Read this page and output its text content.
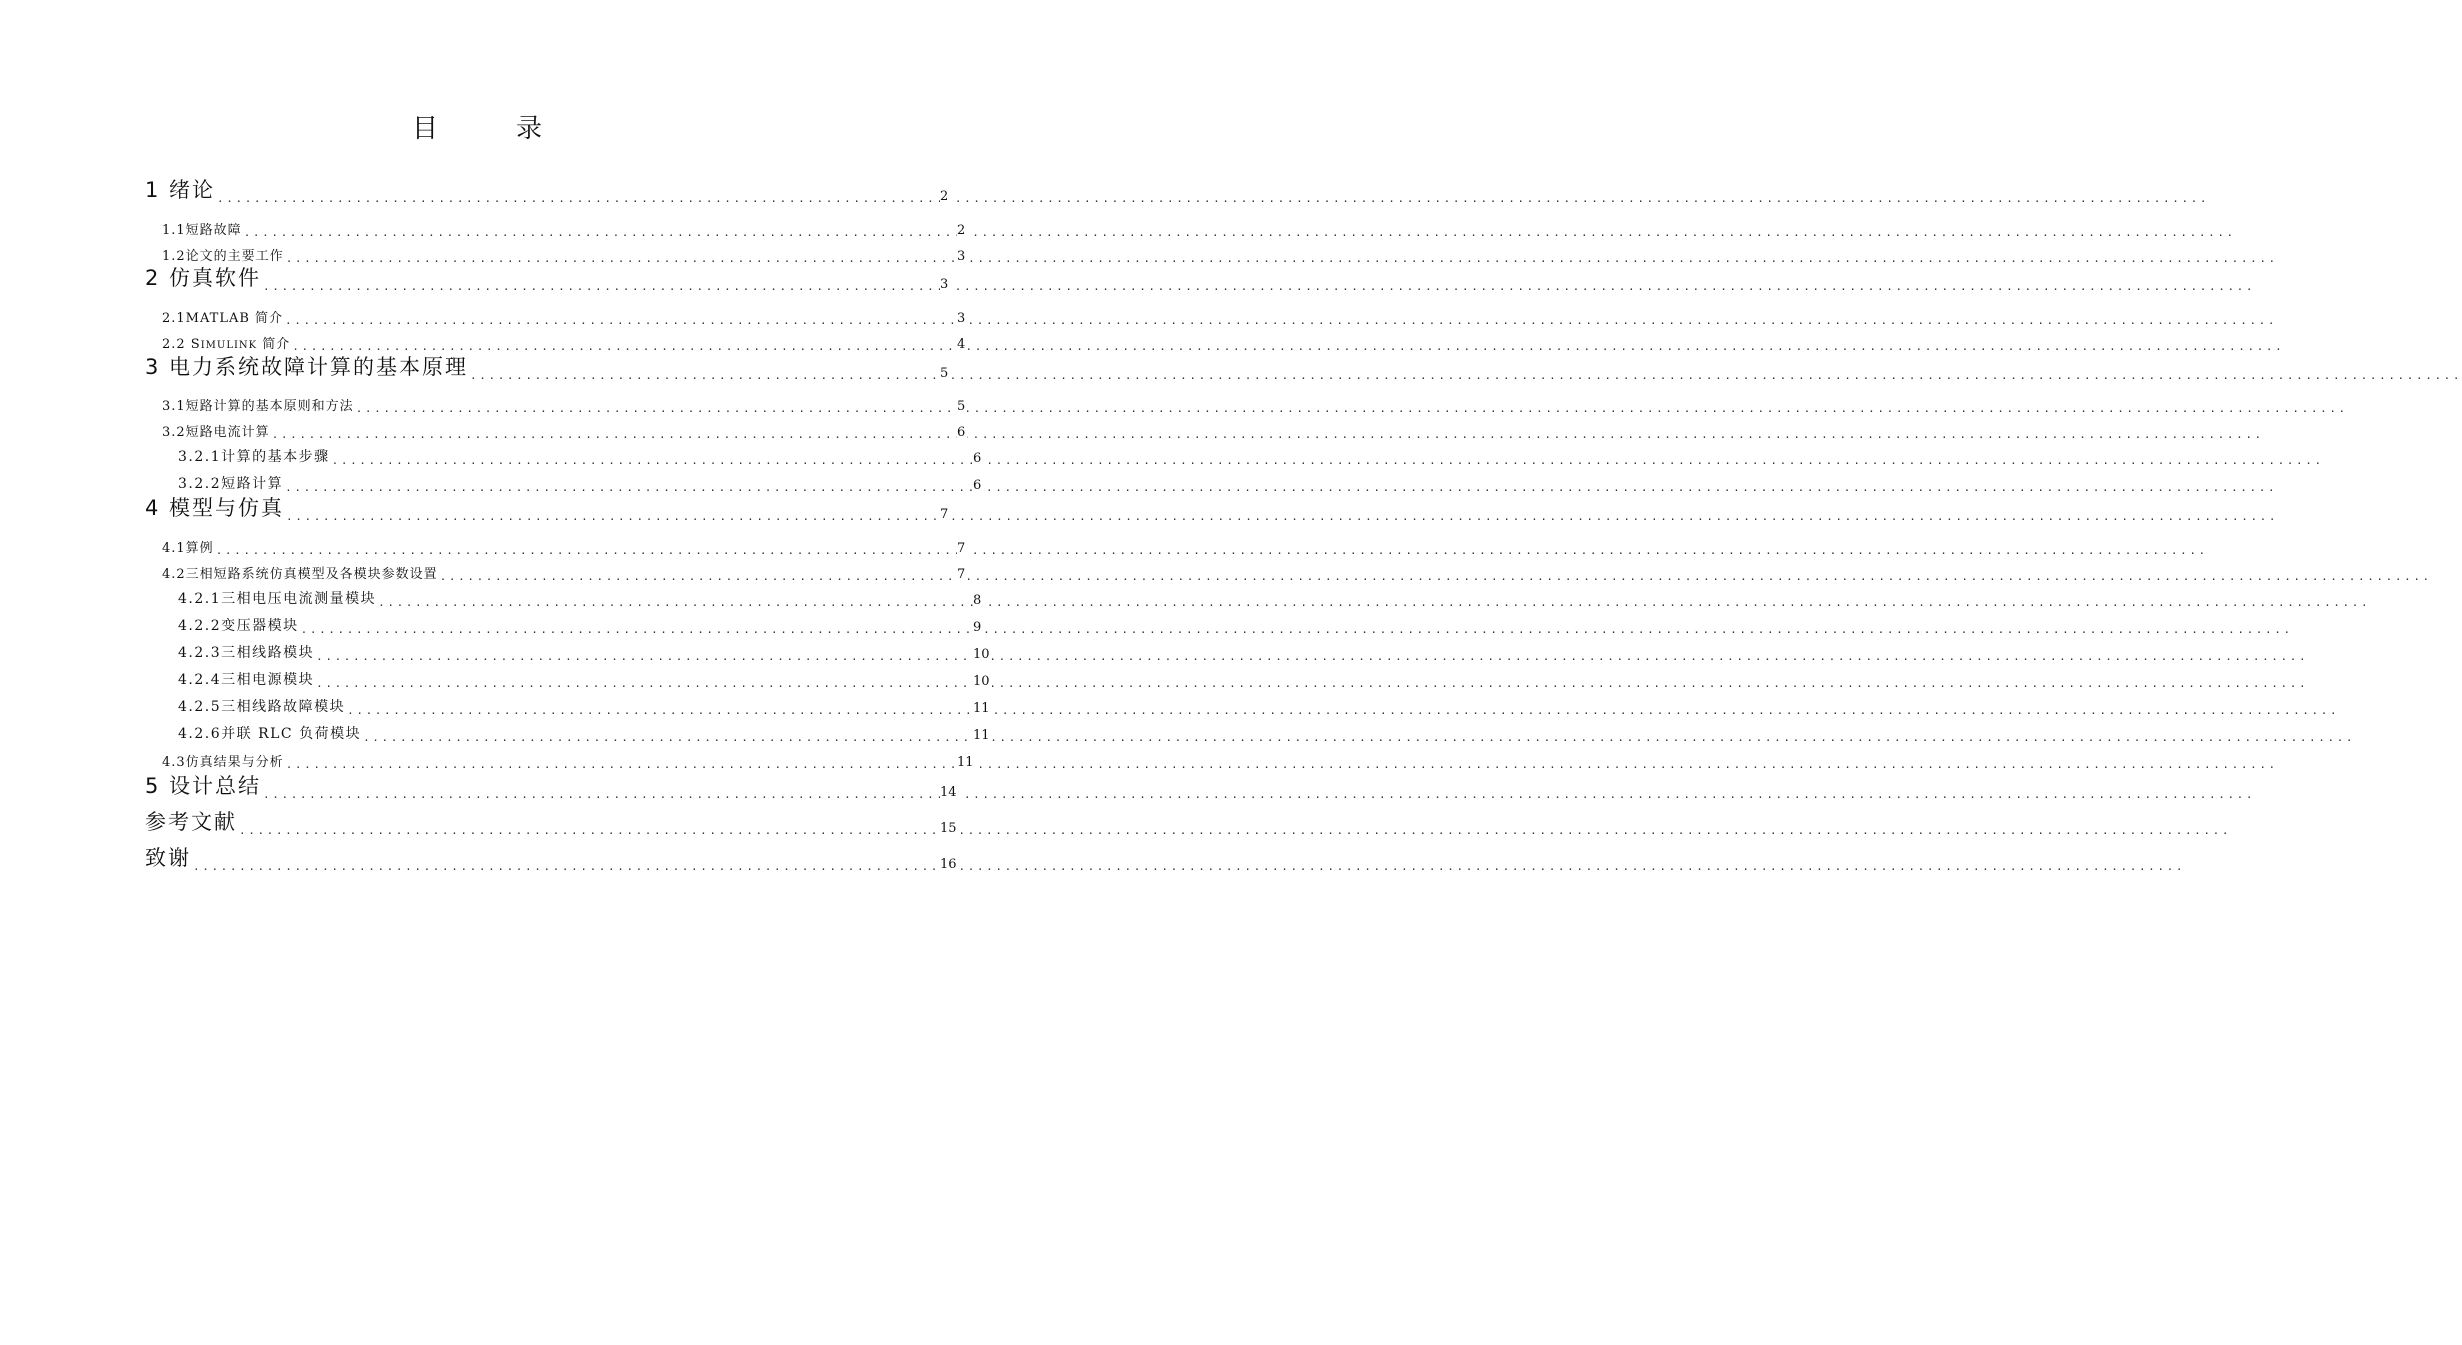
目　录
1 绪论 .....	2
1.1短路故障 .....	2
1.2论文的主要工作 .....	3
2 仿真软件 .....	3
2.1MATLAB 简介 .....	3
2.2 SIMULINK 简介 .....	4
3 电力系统故障计算的基本原理 .....	5
3.1短路计算的基本原则和方法 .....	5
3.2短路电流计算 .....	6
3.2.1计算的基本步骤 .....	6
3.2.2短路计算 .....	6
4 模型与仿真 .....	7
4.1算例 .....	7
4.2三相短路系统仿真模型及各模块参数设置 .....	7
4.2.1三相电压电流测量模块 .....	8
4.2.2变压器模块 .....	9
4.2.3三相线路模块 .....	10
4.2.4三相电源模块 .....	10
4.2.5三相线路故障模块 .....	11
4.2.6并联 RLC 负荷模块 .....	11
4.3仿真结果与分析 .....	11
5 设计总结 .....	14
参考文献 .....	15
致谢 .....	16
